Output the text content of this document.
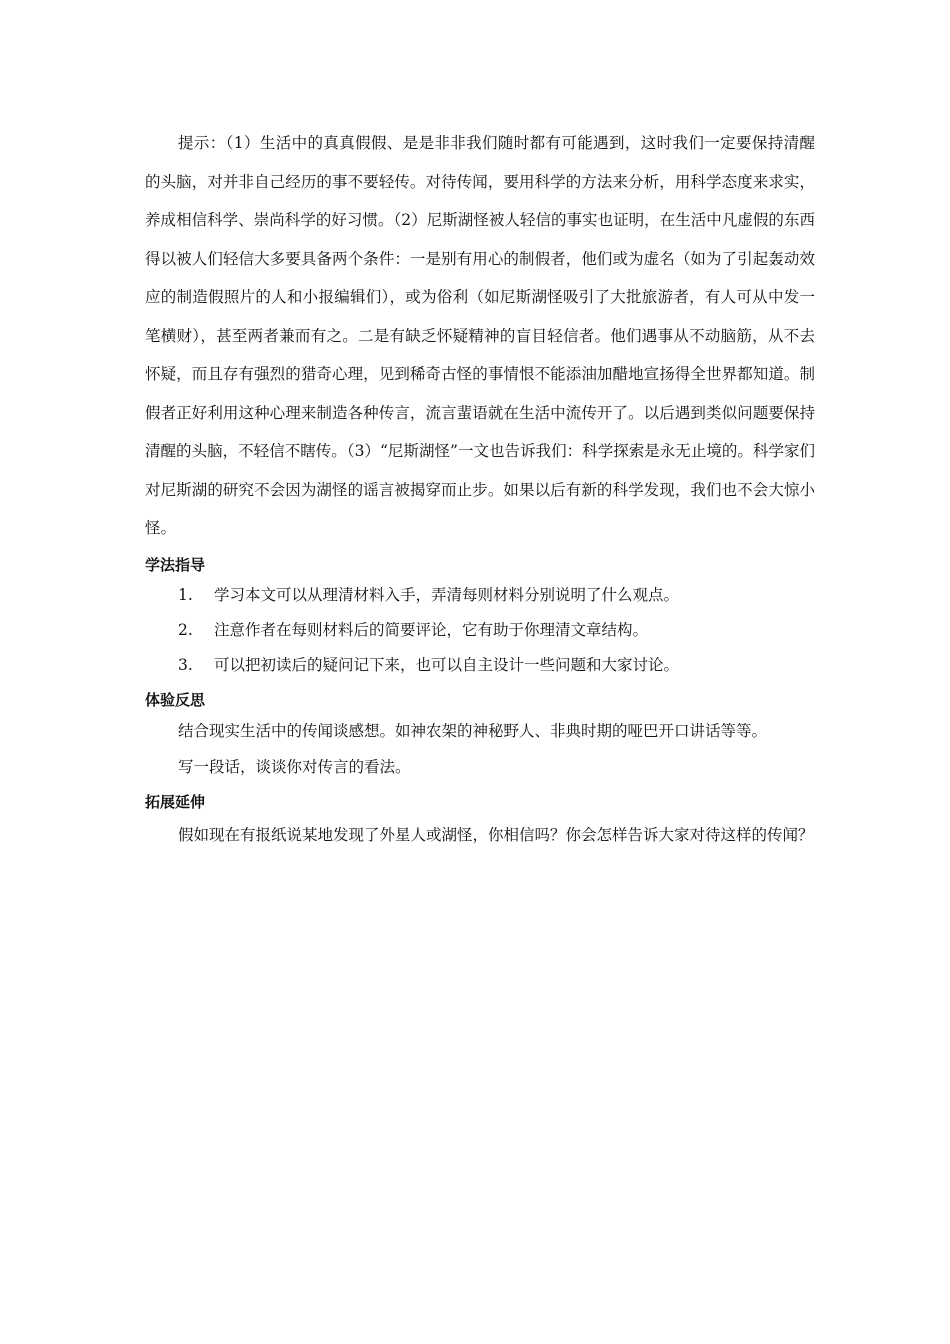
提示：（1）生活中的真真假假、是是非非我们随时都有可能遇到，这时我们一定要保持清醒的头脑，对并非自己经历的事不要轻传。对待传闻，要用科学的方法来分析，用科学态度来求实，养成相信科学、崇尚科学的好习惯。（2）尼斯湖怪被人轻信的事实也证明，在生活中凡虚假的东西得以被人们轻信大多要具备两个条件：一是别有用心的制假者，他们或为虚名（如为了引起轰动效应的制造假照片的人和小报编辑们），或为俗利（如尼斯湖怪吸引了大批旅游者，有人可从中发一笔横财），甚至两者兼而有之。二是有缺乏怀疑精神的盲目轻信者。他们遇事从不动脑筋，从不去怀疑，而且存有强烈的猎奇心理，见到稀奇古怪的事情恨不能添油加醋地宣扬得全世界都知道。制假者正好利用这种心理来制造各种传言，流言蜚语就在生活中流传开了。以后遇到类似问题要保持清醒的头脑，不轻信不瞎传。（3）“尼斯湖怪”一文也告诉我们：科学探索是永无止境的。科学家们对尼斯湖的研究不会因为湖怪的谣言被揭穿而止步。如果以后有新的科学发现，我们也不会大惊小怪。

学法指导
1.	学习本文可以从理清材料入手，弄清每则材料分别说明了什么观点。
2.	注意作者在每则材料后的简要评论，它有助于你理清文章结构。
3.	可以把初读后的疑问记下来，也可以自主设计一些问题和大家讨论。
体验反思

结合现实生活中的传闻谈感想。如神农架的神秘野人、非典时期的哑巴开口讲话等等。

写一段话，谈谈你对传言的看法。

拓展延伸

假如现在有报纸说某地发现了外星人或湖怪，你相信吗？你会怎样告诉大家对待这样的传闻？
